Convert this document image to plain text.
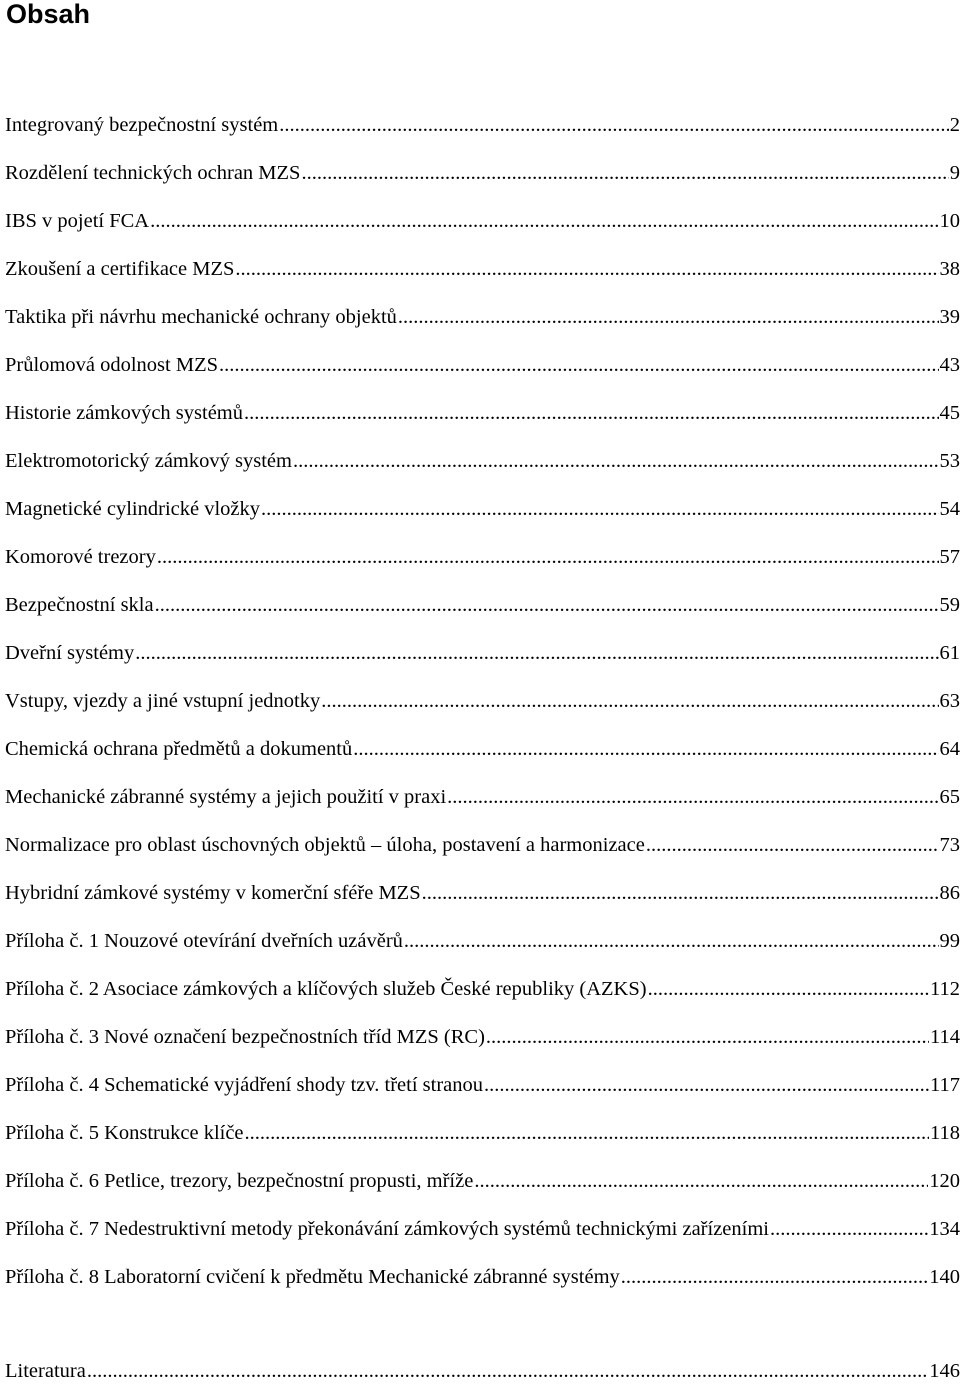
Obsah
Integrovaný bezpečnostní systém .....	2
Rozdělení technických ochran MZS .....	9
IBS v pojetí FCA .....	10
Zkoušení a certifikace MZS .....	38
Taktika při návrhu mechanické ochrany objektů .....	39
Průlomová odolnost MZS .....	43
Historie zámkových systémů .....	45
Elektromotorický zámkový systém .....	53
Magnetické cylindrické vložky .....	54
Komorové trezory .....	57
Bezpečnostní skla .....	59
Dveřní systémy .....	61
Vstupy, vjezdy a jiné vstupní jednotky .....	63
Chemická ochrana předmětů a dokumentů .....	64
Mechanické zábranné systémy a jejich použití v praxi .....	65
Normalizace pro oblast úschovných objektů – úloha, postavení a harmonizace .....	73
Hybridní zámkové systémy v komerční sféře MZS .....	86
Příloha č. 1 Nouzové otevírání dveřních uzávěrů .....	99
Příloha č. 2 Asociace zámkových a klíčových služeb České republiky (AZKS) .....	112
Příloha č. 3 Nové označení bezpečnostních tříd MZS (RC) .....	114
Příloha č. 4 Schematické vyjádření shody tzv. třetí stranou .....	117
Příloha č. 5 Konstrukce klíče .....	118
Příloha č. 6 Petlice, trezory, bezpečnostní propusti, mříže .....	120
Příloha č. 7 Nedestruktivní metody překonávání zámkových systémů technickými zařízeními .....	134
Příloha č. 8 Laboratorní cvičení k předmětu Mechanické zábranné systémy .....	140
Literatura .....	146
